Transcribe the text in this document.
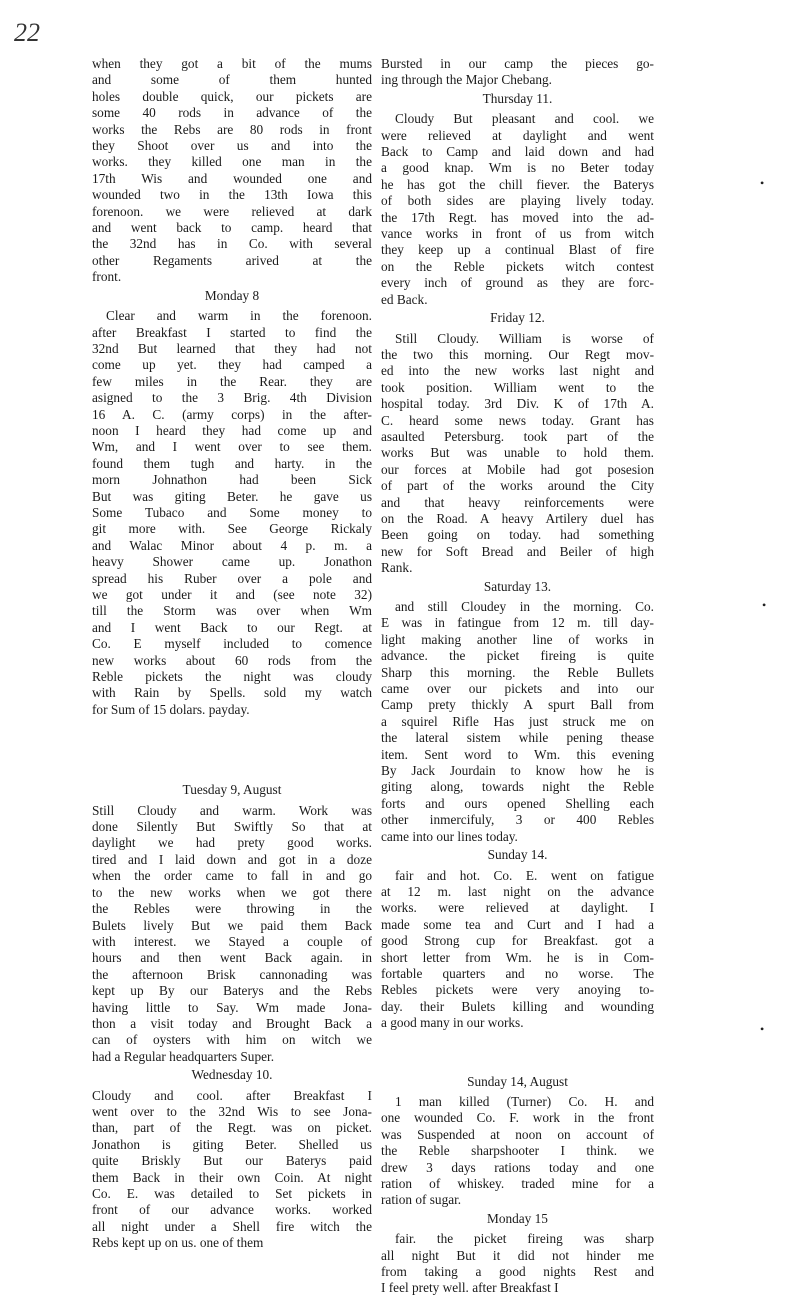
22
when they got a bit of the mums
and some of them hunted
holes double quick, our pickets are
some 40 rods in advance of the
works the Rebs are 80 rods in front
they Shoot over us and into the
works. they killed one man in the
17th Wis and wounded one and
wounded two in the 13th Iowa this
forenoon. we were relieved at dark
and went back to camp. heard that
the 32nd has in Co. with several
other Regaments arived at the
front.
Monday 8
Clear and warm in the forenoon.
after Breakfast I started to find the
32nd But learned that they had not
come up yet. they had camped a
few miles in the Rear. they are
asigned to the 3 Brig. 4th Division
16 A. C. (army corps) in the after-
noon I heard they had come up and
Wm, and I went over to see them.
found them tugh and harty. in the
morn Johnathon had been Sick
But was giting Beter. he gave us
Some Tubaco and Some money to
git more with. See George Rickaly
and Walac Minor about 4 p. m. a
heavy Shower came up. Jonathon
spread his Ruber over a pole and
we got under it and (see note 32)
till the Storm was over when Wm
and I went Back to our Regt. at
Co. E myself included to comence
new works about 60 rods from the
Reble pickets the night was cloudy
with Rain by Spells. sold my watch
for Sum of 15 dolars. payday.
Tuesday 9, August
Still Cloudy and warm. Work was
done Silently But Swiftly So that at
daylight we had prety good works.
tired and I laid down and got in a doze
when the order came to fall in and go
to the new works when we got there
the Rebles were throwing in the
Bulets lively But we paid them Back
with interest. we Stayed a couple of
hours and then went Back again. in
the afternoon Brisk cannonading was
kept up By our Baterys and the Rebs
having little to Say. Wm made Jona-
thon a visit today and Brought Back a
can of oysters with him on witch we
had a Regular headquarters Super.
Wednesday 10.
Cloudy and cool. after Breakfast I
went over to the 32nd Wis to see Jona-
than, part of the Regt. was on picket.
Jonathon is giting Beter. Shelled us
quite Briskly But our Baterys paid
them Back in their own Coin. At night
Co. E. was detailed to Set pickets in
front of our advance works. worked
all night under a Shell fire witch the
Rebs kept up on us. one of them
Bursted in our camp the pieces go-
ing through the Major Chebang.
Thursday 11.
Cloudy But pleasant and cool. we
were relieved at daylight and went
Back to Camp and laid down and had
a good knap. Wm is no Beter today
he has got the chill fiever. the Baterys
of both sides are playing lively today.
the 17th Regt. has moved into the ad-
vance works in front of us from witch
they keep up a continual Blast of fire
on the Reble pickets witch contest
every inch of ground as they are forc-
ed Back.
Friday 12.
Still Cloudy. William is worse of
the two this morning. Our Regt mov-
ed into the new works last night and
took position. William went to the
hospital today. 3rd Div. K of 17th A.
C. heard some news today. Grant has
asaulted Petersburg. took part of the
works But was unable to hold them.
our forces at Mobile had got posesion
of part of the works around the City
and that heavy reinforcements were
on the Road. A heavy Artilery duel has
Been going on today. had something
new for Soft Bread and Beiler of high
Rank.
Saturday 13.
and still Cloudey in the morning. Co.
E was in fatingue from 12 m. till day-
light making another line of works in
advance. the picket fireing is quite
Sharp this morning. the Reble Bullets
came over our pickets and into our
Camp prety thickly A spurt Ball from
a squirel Rifle Has just struck me on
the lateral sistem while pening thease
item. Sent word to Wm. this evening
By Jack Jourdain to know how he is
giting along, towards night the Reble
forts and ours opened Shelling each
other inmercifuly, 3 or 400 Rebles
came into our lines today.
Sunday 14.
fair and hot. Co. E. went on fatigue
at 12 m. last night on the advance
works. were relieved at daylight. I
made some tea and Curt and I had a
good Strong cup for Breakfast. got a
short letter from Wm. he is in Com-
fortable quarters and no worse. The
Rebles pickets were very anoying to-
day. their Bulets killing and wounding
a good many in our works.
Sunday 14, August
1 man killed (Turner) Co. H. and
one wounded Co. F. work in the front
was Suspended at noon on account of
the Reble sharpshooter I think. we
drew 3 days rations today and one
ration of whiskey. traded mine for a
ration of sugar.
Monday 15
fair. the picket fireing was sharp
all night But it did not hinder me
from taking a good nights Rest and
I feel prety well. after Breakfast I
•
•
•
